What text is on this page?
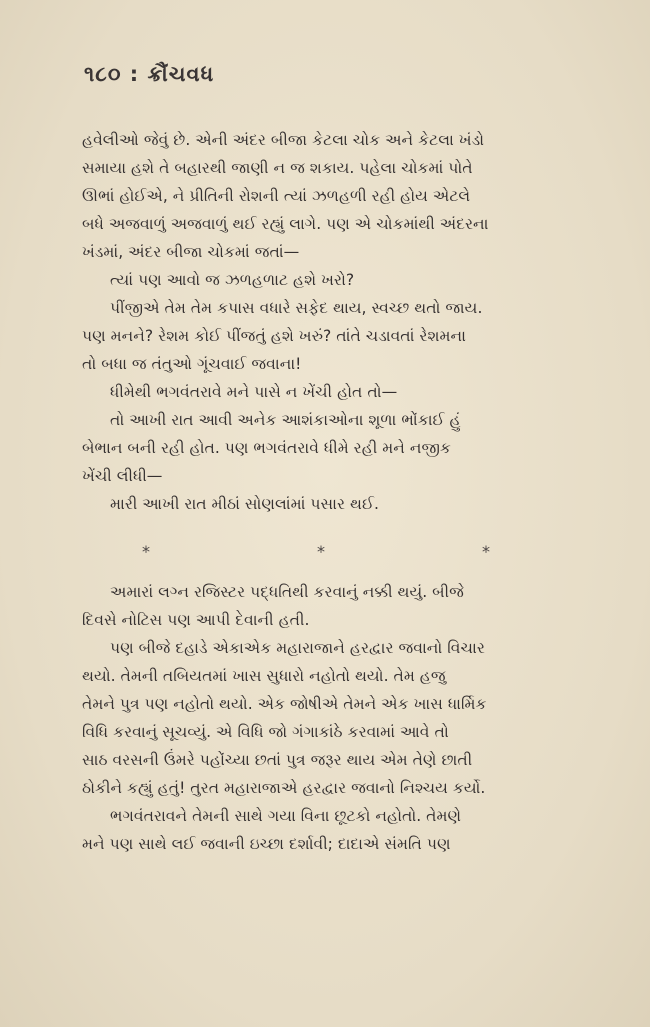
૧૮૦ : ક્રૌંચવધ
હવેલીઓ જેવું છે. એની અંદર બીજા કેટલા ચોક અને કેટલા ખંડો
સમાયા હશે તે બહારથી જાણી ન જ શકાય. પહેલા ચોકમાં પોતે
ઊભાં હોઈએ, ને પ્રીતિની રોશની ત્યાં ઝળહળી રહી હોય એટલે
બધે અજવાળું અજવાળું થઈ રહ્યું લાગે. પણ એ ચોકમાંથી અંદરના
ખંડમાં, અંદર બીજા ચોકમાં જતાં—
ત્યાં પણ આવો જ ઝળહળાટ હશે ખરો?
પીંજીએ તેમ તેમ કપાસ વધારે સફેદ થાય, સ્વચ્છ થતો જાય.
પણ મનને? રેશમ કોઈ પીંજતું હશે ખરું? તાંતે ચડાવતાં રેશમના
તો બધા જ તંતુઓ ગૂંચવાઈ જવાના!
ધીમેથી ભગવંતરાવે મને પાસે ન ખેંચી હોત તો—
તો આખી રાત આવી અનેક આશંકાઓના શૂળા ભોંકાઈ હું
બેભાન બની રહી હોત. પણ ભગવંતરાવે ધીમે રહી મને નજીક
ખેંચી લીધી—
મારી આખી રાત મીઠાં સોણલાંમાં પસાર થઈ.
*	*	*
અમારાં લગ્ન રજિસ્ટર પદ્ધતિથી કરવાનું નક્કી થયું. બીજે
દિવસે નોટિસ પણ આપી દેવાની હતી.
પણ બીજે દહાડે એકાએક મહારાજાને હરદ્વાર જવાનો વિચાર
થયો. તેમની તબિયતમાં ખાસ સુધારો નહોતો થયો. તેમ હજુ
તેમને પુત્ર પણ નહોતો થયો. એક જોષીએ તેમને એક ખાસ ધાર્મિક
વિધિ કરવાનું સૂચવ્યું. એ વિધિ જો ગંગાકાંઠે કરવામાં આવે તો
સાઠ વરસની ઉંમરે પહોંચ્યા છતાં પુત્ર જરૂર થાય એમ તેણે છાતી
ઠોકીને કહ્યું હતું! તુરત મહારાજાએ હરદ્વાર જવાનો નિશ્ચય કર્યો.
ભગવંતરાવને તેમની સાથે ગયા વિના છૂટકો નહોતો. તેમણે
મને પણ સાથે લઈ જવાની ઇચ્છા દર્શાવી; દાદાએ સંમતિ પણ
